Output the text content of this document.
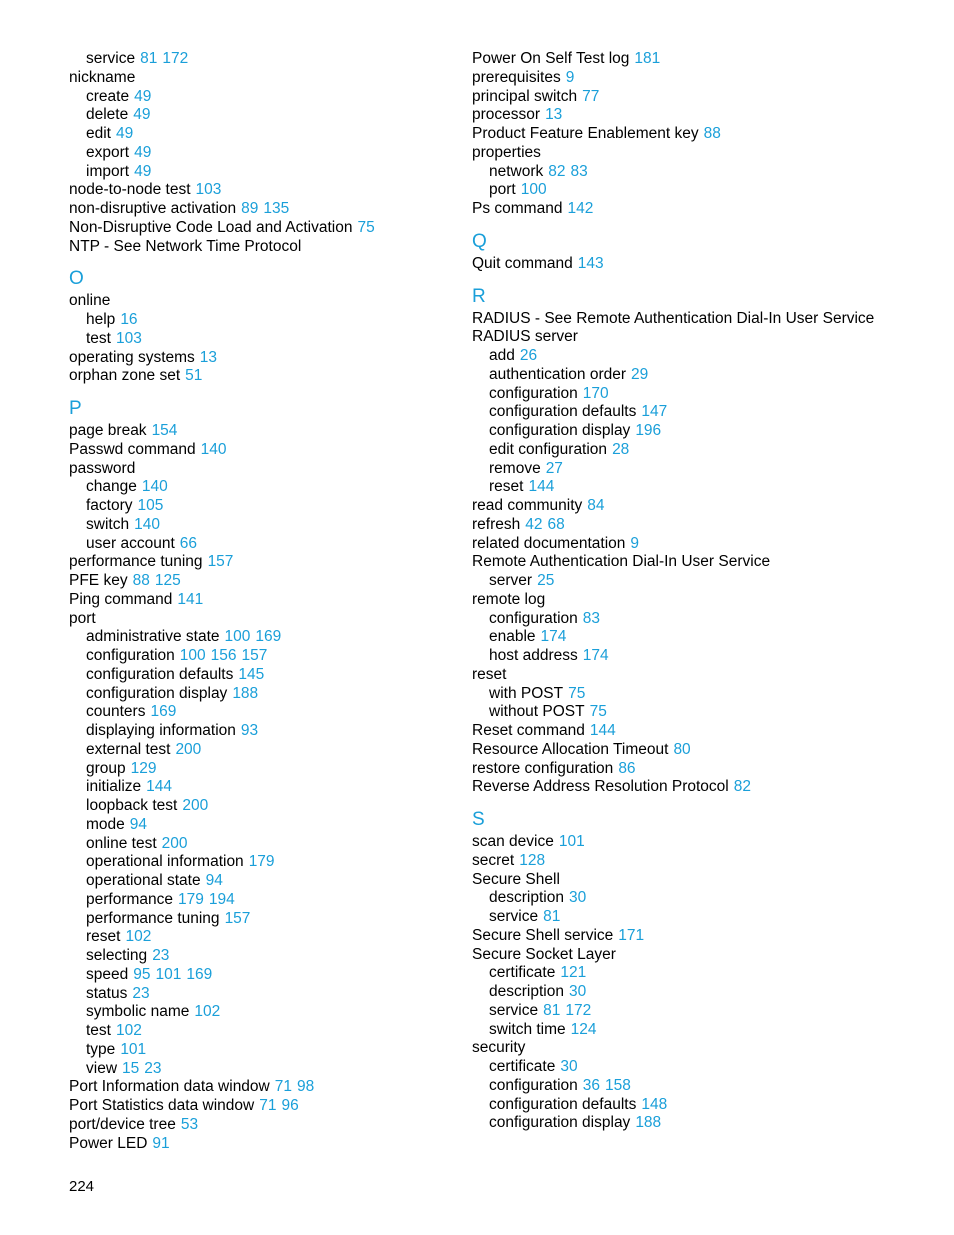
service 81 172
nickname
create 49
delete 49
edit 49
export 49
import 49
node-to-node test 103
non-disruptive activation 89 135
Non-Disruptive Code Load and Activation 75
NTP - See Network Time Protocol
O
online
help 16
test 103
operating systems 13
orphan zone set 51
P
page break 154
Passwd command 140
password
change 140
factory 105
switch 140
user account 66
performance tuning 157
PFE key 88 125
Ping command 141
port
administrative state 100 169
configuration 100 156 157
configuration defaults 145
configuration display 188
counters 169
displaying information 93
external test 200
group 129
initialize 144
loopback test 200
mode 94
online test 200
operational information 179
operational state 94
performance 179 194
performance tuning 157
reset 102
selecting 23
speed 95 101 169
status 23
symbolic name 102
test 102
type 101
view 15 23
Port Information data window 71 98
Port Statistics data window 71 96
port/device tree 53
Power LED 91
Power On Self Test log 181
prerequisites 9
principal switch 77
processor 13
Product Feature Enablement key 88
properties
network 82 83
port 100
Ps command 142
Q
Quit command 143
R
RADIUS - See Remote Authentication Dial-In User Service
RADIUS server
add 26
authentication order 29
configuration 170
configuration defaults 147
configuration display 196
edit configuration 28
remove 27
reset 144
read community 84
refresh 42 68
related documentation 9
Remote Authentication Dial-In User Service
server 25
remote log
configuration 83
enable 174
host address 174
reset
with POST 75
without POST 75
Reset command 144
Resource Allocation Timeout 80
restore configuration 86
Reverse Address Resolution Protocol 82
S
scan device 101
secret 128
Secure Shell
description 30
service 81
Secure Shell service 171
Secure Socket Layer
certificate 121
description 30
service 81 172
switch time 124
security
certificate 30
configuration 36 158
configuration defaults 148
configuration display 188
224
